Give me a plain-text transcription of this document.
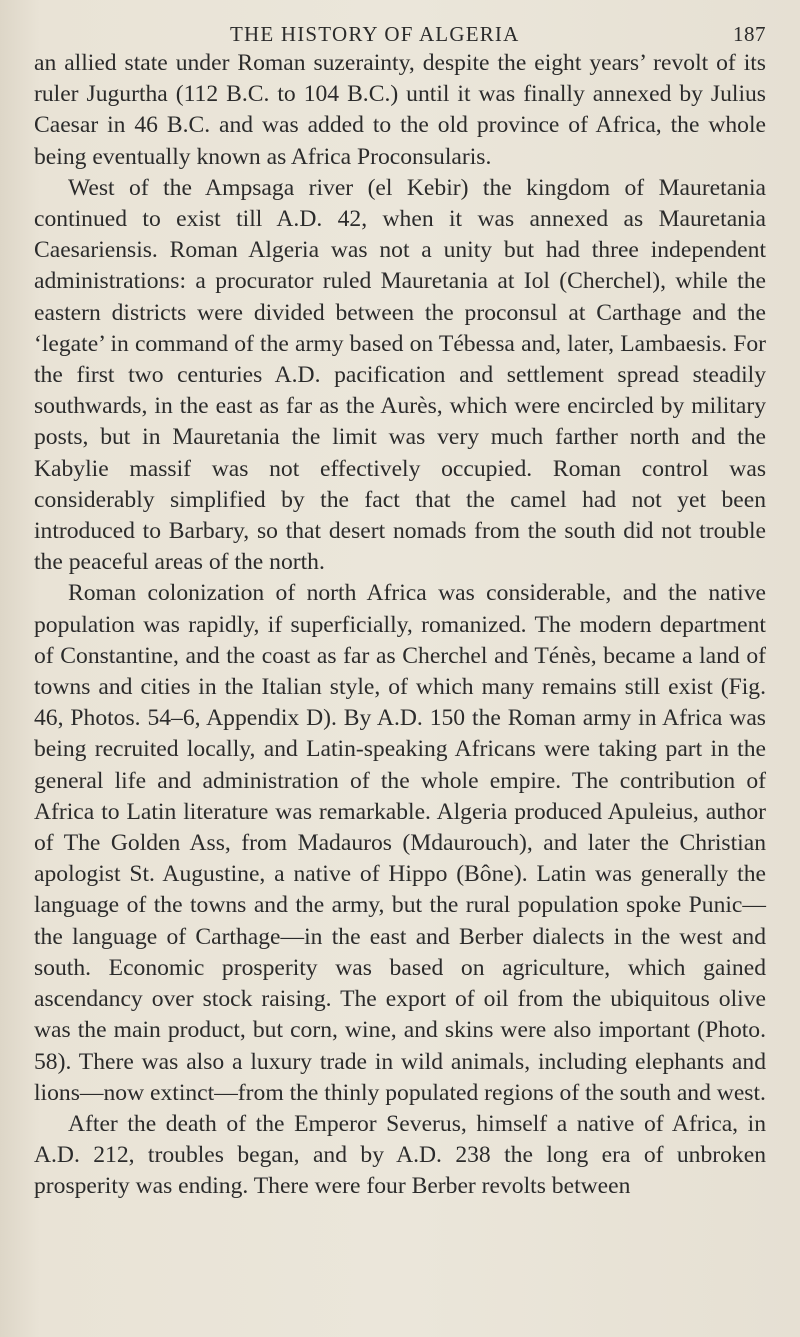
THE HISTORY OF ALGERIA	187

an allied state under Roman suzerainty, despite the eight years’ revolt of its ruler Jugurtha (112 B.C. to 104 B.C.) until it was finally annexed by Julius Caesar in 46 B.C. and was added to the old province of Africa, the whole being eventually known as Africa Proconsularis.

West of the Ampsaga river (el Kebir) the kingdom of Mauretania continued to exist till A.D. 42, when it was annexed as Mauretania Caesariensis. Roman Algeria was not a unity but had three independent administrations: a procurator ruled Mauretania at Iol (Cherchel), while the eastern districts were divided between the proconsul at Carthage and the ‘legate’ in command of the army based on Tébessa and, later, Lambaesis. For the first two centuries A.D. pacification and settlement spread steadily southwards, in the east as far as the Aurès, which were encircled by military posts, but in Mauretania the limit was very much farther north and the Kabylie massif was not effectively occupied. Roman control was considerably simplified by the fact that the camel had not yet been introduced to Barbary, so that desert nomads from the south did not trouble the peaceful areas of the north.

Roman colonization of north Africa was considerable, and the native population was rapidly, if superficially, romanized. The modern department of Constantine, and the coast as far as Cherchel and Ténès, became a land of towns and cities in the Italian style, of which many remains still exist (Fig. 46, Photos. 54–6, Appendix D). By A.D. 150 the Roman army in Africa was being recruited locally, and Latin-speaking Africans were taking part in the general life and administration of the whole empire. The contribution of Africa to Latin literature was remarkable. Algeria produced Apuleius, author of The Golden Ass, from Madauros (Mdaurouch), and later the Christian apologist St. Augustine, a native of Hippo (Bône). Latin was generally the language of the towns and the army, but the rural population spoke Punic—the language of Carthage—in the east and Berber dialects in the west and south. Economic prosperity was based on agriculture, which gained ascendancy over stock raising. The export of oil from the ubiquitous olive was the main product, but corn, wine, and skins were also important (Photo. 58). There was also a luxury trade in wild animals, including elephants and lions—now extinct—from the thinly populated regions of the south and west.

After the death of the Emperor Severus, himself a native of Africa, in A.D. 212, troubles began, and by A.D. 238 the long era of unbroken prosperity was ending. There were four Berber revolts between
